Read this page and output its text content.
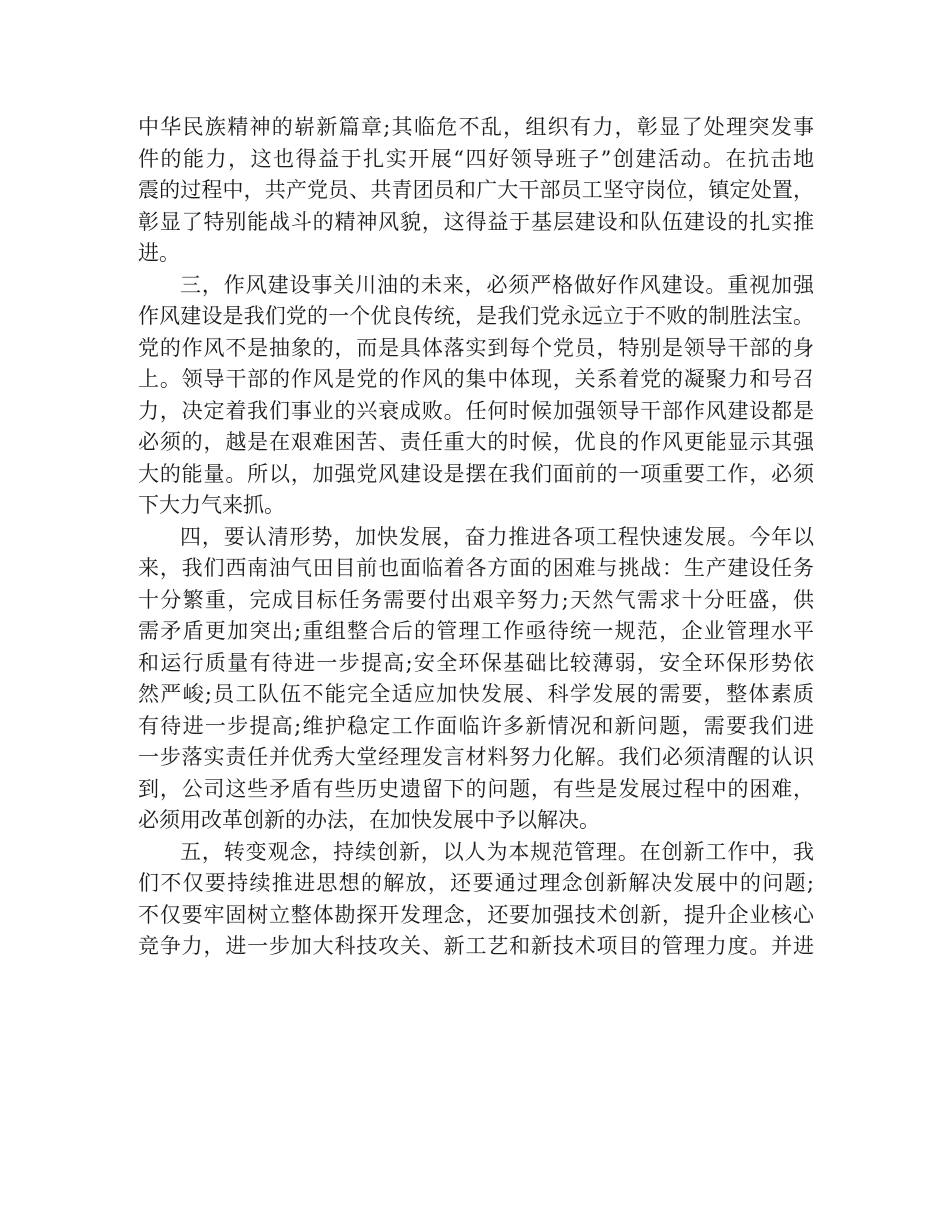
中华民族精神的崭新篇章;其临危不乱，组织有力，彰显了处理突发事
件的能力，这也得益于扎实开展“四好领导班子”创建活动。在抗击地
震的过程中，共产党员、共青团员和广大干部员工坚守岗位，镇定处置，
彰显了特别能战斗的精神风貌，这得益于基层建设和队伍建设的扎实推
进。
三，作风建设事关川油的未来，必须严格做好作风建设。重视加强
作风建设是我们党的一个优良传统，是我们党永远立于不败的制胜法宝。
党的作风不是抽象的，而是具体落实到每个党员，特别是领导干部的身
上。领导干部的作风是党的作风的集中体现，关系着党的凝聚力和号召
力，决定着我们事业的兴衰成败。任何时候加强领导干部作风建设都是
必须的，越是在艰难困苦、责任重大的时候，优良的作风更能显示其强
大的能量。所以，加强党风建设是摆在我们面前的一项重要工作，必须
下大力气来抓。
四，要认清形势，加快发展，奋力推进各项工程快速发展。今年以
来，我们西南油气田目前也面临着各方面的困难与挑战：生产建设任务
十分繁重，完成目标任务需要付出艰辛努力;天然气需求十分旺盛，供
需矛盾更加突出;重组整合后的管理工作亟待统一规范，企业管理水平
和运行质量有待进一步提高;安全环保基础比较薄弱，安全环保形势依
然严峻;员工队伍不能完全适应加快发展、科学发展的需要，整体素质
有待进一步提高;维护稳定工作面临许多新情况和新问题，需要我们进
一步落实责任并优秀大堂经理发言材料努力化解。我们必须清醒的认识
到，公司这些矛盾有些历史遗留下的问题，有些是发展过程中的困难，
必须用改革创新的办法，在加快发展中予以解决。
五，转变观念，持续创新，以人为本规范管理。在创新工作中，我
们不仅要持续推进思想的解放，还要通过理念创新解决发展中的问题;
不仅要牢固树立整体勘探开发理念，还要加强技术创新，提升企业核心
竞争力，进一步加大科技攻关、新工艺和新技术项目的管理力度。并进
